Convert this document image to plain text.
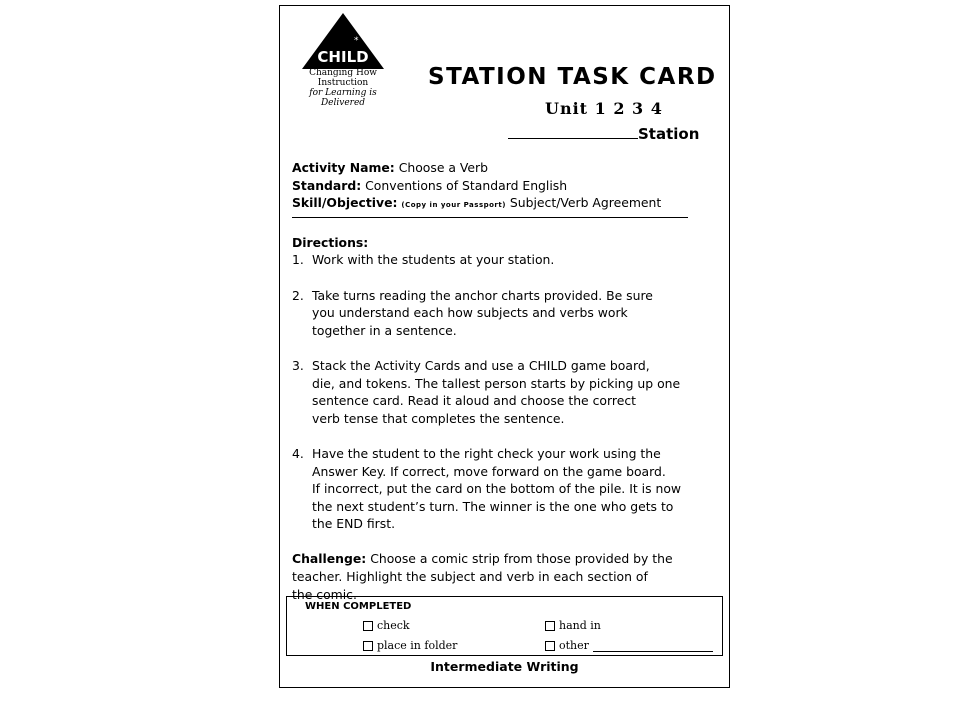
CHILD
*
Changing How Instruction
for Learning is Delivered
STATION TASK CARD
Unit 1 2 3 4
Station
Activity Name: Choose a Verb
Standard: Conventions of Standard English
Skill/Objective: (Copy in your Passport) Subject/Verb Agreement
Directions:
1. Work with the students at your station.
2. Take turns reading the anchor charts provided. Be sure
you understand each how subjects and verbs work
together in a sentence.
3. Stack the Activity Cards and use a CHILD game board,
die, and tokens. The tallest person starts by picking up one
sentence card. Read it aloud and choose the correct
verb tense that completes the sentence.
4. Have the student to the right check your work using the
Answer Key. If correct, move forward on the game board.
If incorrect, put the card on the bottom of the pile. It is now
the next student’s turn. The winner is the one who gets to
the END first.
Challenge: Choose a comic strip from those provided by the
teacher. Highlight the subject and verb in each section of
the comic.
WHEN COMPLETED
check	hand in
place in folder	other
Intermediate Writing
